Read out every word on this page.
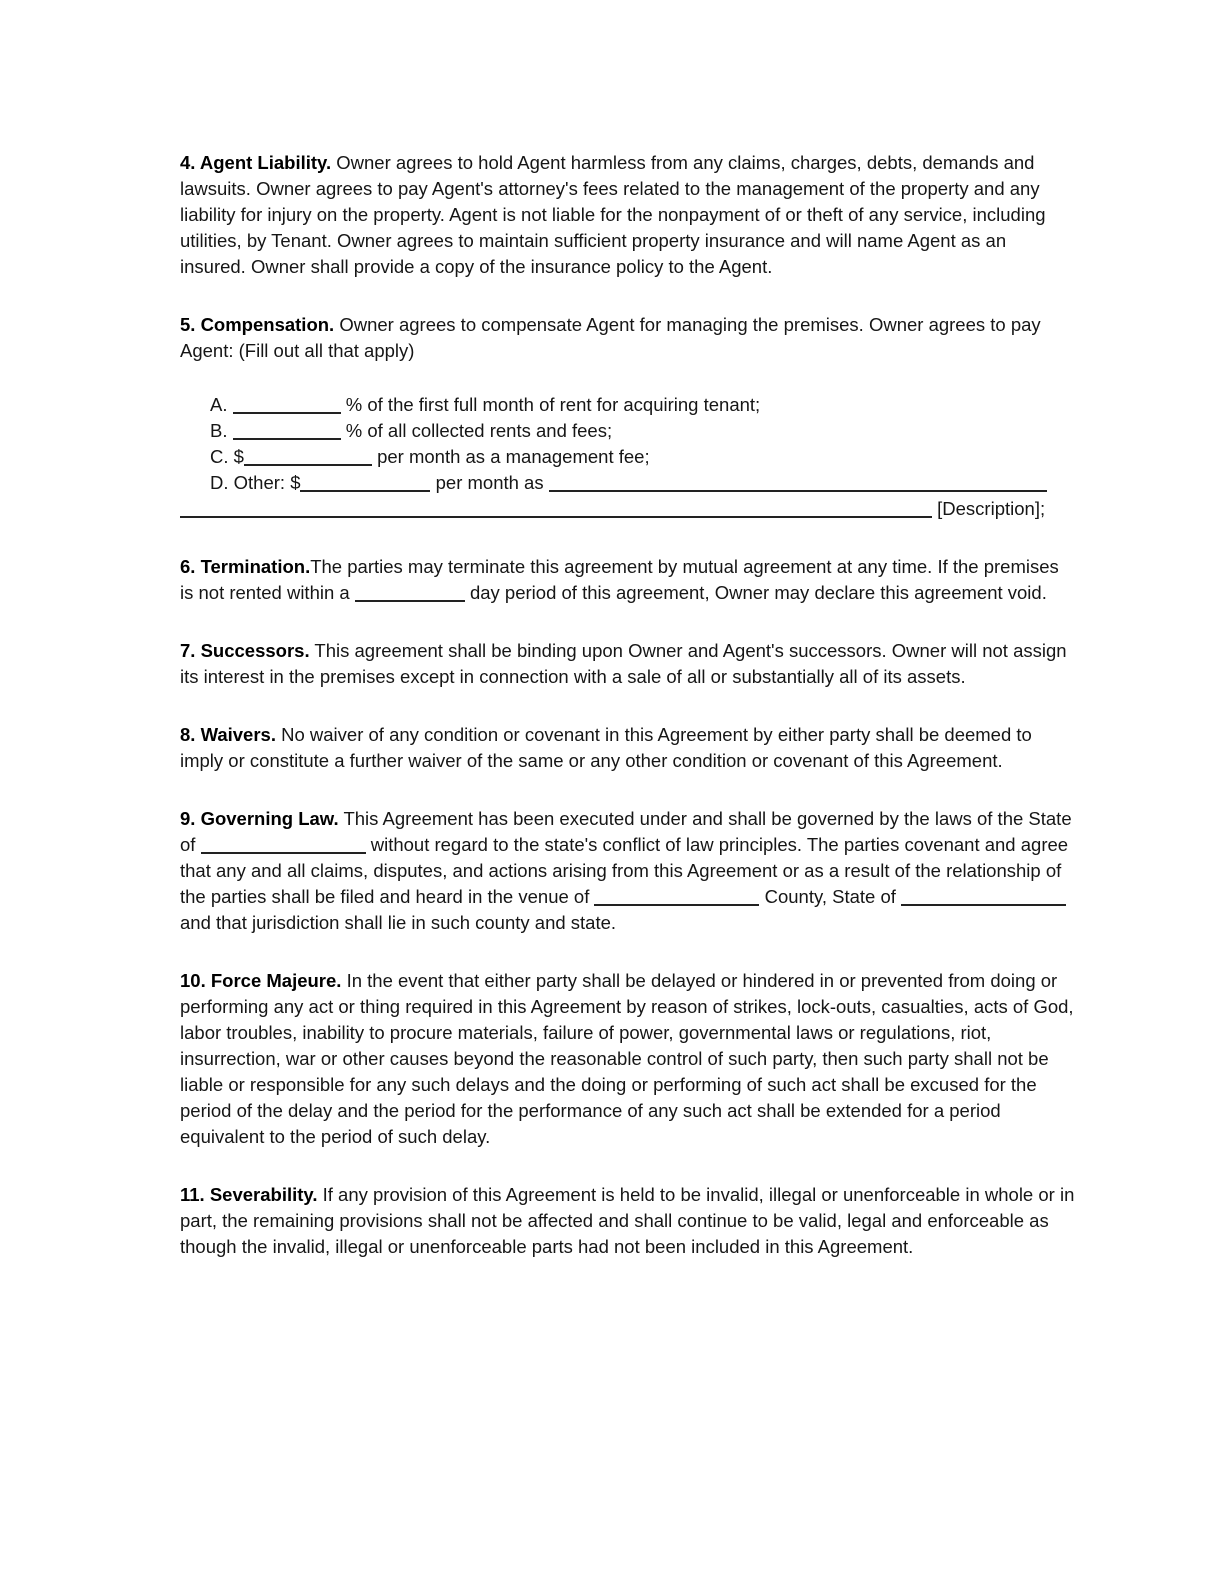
4. Agent Liability. Owner agrees to hold Agent harmless from any claims, charges, debts, demands and lawsuits. Owner agrees to pay Agent's attorney's fees related to the management of the property and any liability for injury on the property. Agent is not liable for the nonpayment of or theft of any service, including utilities, by Tenant. Owner agrees to maintain sufficient property insurance and will name Agent as an insured. Owner shall provide a copy of the insurance policy to the Agent.

5. Compensation. Owner agrees to compensate Agent for managing the premises. Owner agrees to pay Agent: (Fill out all that apply)

A.	% of the first full month of rent for acquiring tenant;
B.	% of all collected rents and fees;
C. $	per month as a management fee;
D. Other: $	per month as
[Description];

6. Termination.The parties may terminate this agreement by mutual agreement at any time. If the premises is not rented within a	day period of this agreement, Owner may declare this agreement void.

7. Successors. This agreement shall be binding upon Owner and Agent's successors. Owner will not assign its interest in the premises except in connection with a sale of all or substantially all of its assets.

8. Waivers. No waiver of any condition or covenant in this Agreement by either party shall be deemed to imply or constitute a further waiver of the same or any other condition or covenant of this Agreement.

9. Governing Law. This Agreement has been executed under and shall be governed by the laws of the State of	without regard to the state's conflict of law principles. The parties covenant and agree that any and all claims, disputes, and actions arising from this Agreement or as a result of the relationship of the parties shall be filed and heard in the venue of	County, State of  and that jurisdiction shall lie in such county and state.

10. Force Majeure. In the event that either party shall be delayed or hindered in or prevented from doing or performing any act or thing required in this Agreement by reason of strikes, lock-outs, casualties, acts of God, labor troubles, inability to procure materials, failure of power, governmental laws or regulations, riot, insurrection, war or other causes beyond the reasonable control of such party, then such party shall not be liable or responsible for any such delays and the doing or performing of such act shall be excused for the period of the delay and the period for the performance of any such act shall be extended for a period equivalent to the period of such delay.

11. Severability. If any provision of this Agreement is held to be invalid, illegal or unenforceable in whole or in part, the remaining provisions shall not be affected and shall continue to be valid, legal and enforceable as though the invalid, illegal or unenforceable parts had not been included in this Agreement.
